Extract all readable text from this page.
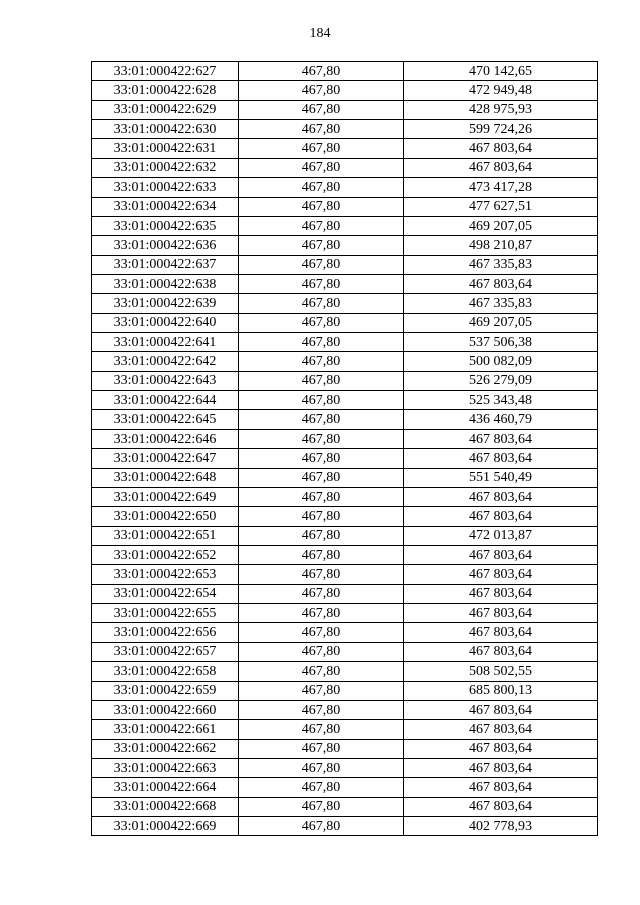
184
33:01:000422:627	467,80	470 142,65
33:01:000422:628	467,80	472 949,48
33:01:000422:629	467,80	428 975,93
33:01:000422:630	467,80	599 724,26
33:01:000422:631	467,80	467 803,64
33:01:000422:632	467,80	467 803,64
33:01:000422:633	467,80	473 417,28
33:01:000422:634	467,80	477 627,51
33:01:000422:635	467,80	469 207,05
33:01:000422:636	467,80	498 210,87
33:01:000422:637	467,80	467 335,83
33:01:000422:638	467,80	467 803,64
33:01:000422:639	467,80	467 335,83
33:01:000422:640	467,80	469 207,05
33:01:000422:641	467,80	537 506,38
33:01:000422:642	467,80	500 082,09
33:01:000422:643	467,80	526 279,09
33:01:000422:644	467,80	525 343,48
33:01:000422:645	467,80	436 460,79
33:01:000422:646	467,80	467 803,64
33:01:000422:647	467,80	467 803,64
33:01:000422:648	467,80	551 540,49
33:01:000422:649	467,80	467 803,64
33:01:000422:650	467,80	467 803,64
33:01:000422:651	467,80	472 013,87
33:01:000422:652	467,80	467 803,64
33:01:000422:653	467,80	467 803,64
33:01:000422:654	467,80	467 803,64
33:01:000422:655	467,80	467 803,64
33:01:000422:656	467,80	467 803,64
33:01:000422:657	467,80	467 803,64
33:01:000422:658	467,80	508 502,55
33:01:000422:659	467,80	685 800,13
33:01:000422:660	467,80	467 803,64
33:01:000422:661	467,80	467 803,64
33:01:000422:662	467,80	467 803,64
33:01:000422:663	467,80	467 803,64
33:01:000422:664	467,80	467 803,64
33:01:000422:668	467,80	467 803,64
33:01:000422:669	467,80	402 778,93
